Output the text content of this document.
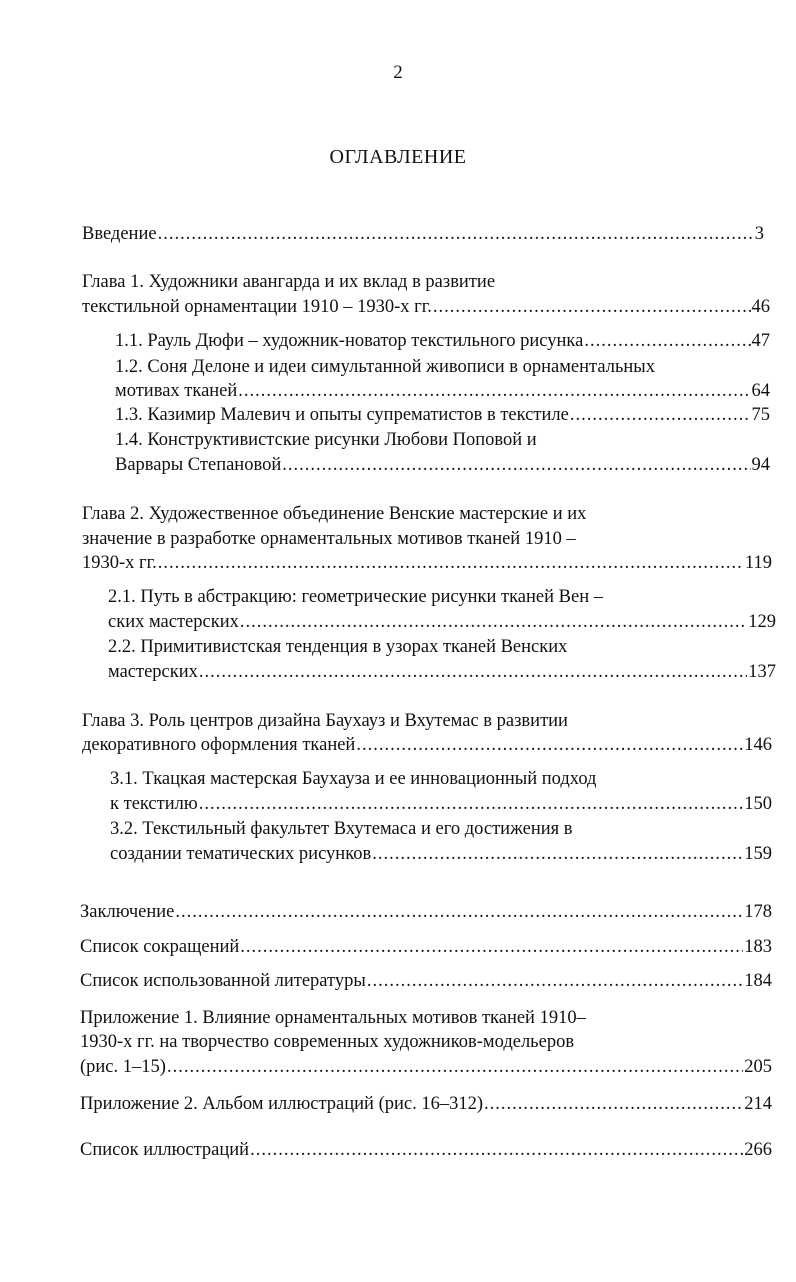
2
ОГЛАВЛЕНИЕ
Введение .....	3
Глава 1. Художники авангарда и их вклад в развитие
текстильной орнаментации 1910 – 1930-х гг. .....	46
1.1. Рауль Дюфи – художник-новатор текстильного рисунка .....	47
1.2. Соня Делоне и идеи симультанной живописи в орнаментальных
мотивах тканей .....	64
1.3. Казимир Малевич и опыты супрематистов в текстиле .....	75
1.4. Конструктивистские рисунки Любови Поповой и
Варвары Степановой .....	94
Глава 2. Художественное объединение Венские мастерские и их
значение в разработке орнаментальных мотивов тканей 1910 –
1930-х гг. .....	119
2.1. Путь в абстракцию: геометрические рисунки тканей Вен –
ских мастерских .....	129
2.2. Примитивистская тенденция в узорах тканей Венских
мастерских .....	137
Глава 3. Роль центров дизайна Баухауз и Вхутемас в развитии
декоративного оформления тканей .....	146
3.1. Ткацкая мастерская Баухауза и ее инновационный подход
к текстилю .....	150
3.2. Текстильный факультет Вхутемаса и его достижения в
создании тематических рисунков .....	159
Заключение .....	178
Список сокращений .....	183
Список использованной литературы .....	184
Приложение 1. Влияние орнаментальных мотивов тканей 1910–
1930-х гг. на творчество современных художников-модельеров
(рис. 1–15) .....	205
Приложение 2. Альбом иллюстраций (рис. 16–312) .....	214
Список иллюстраций .....	266
